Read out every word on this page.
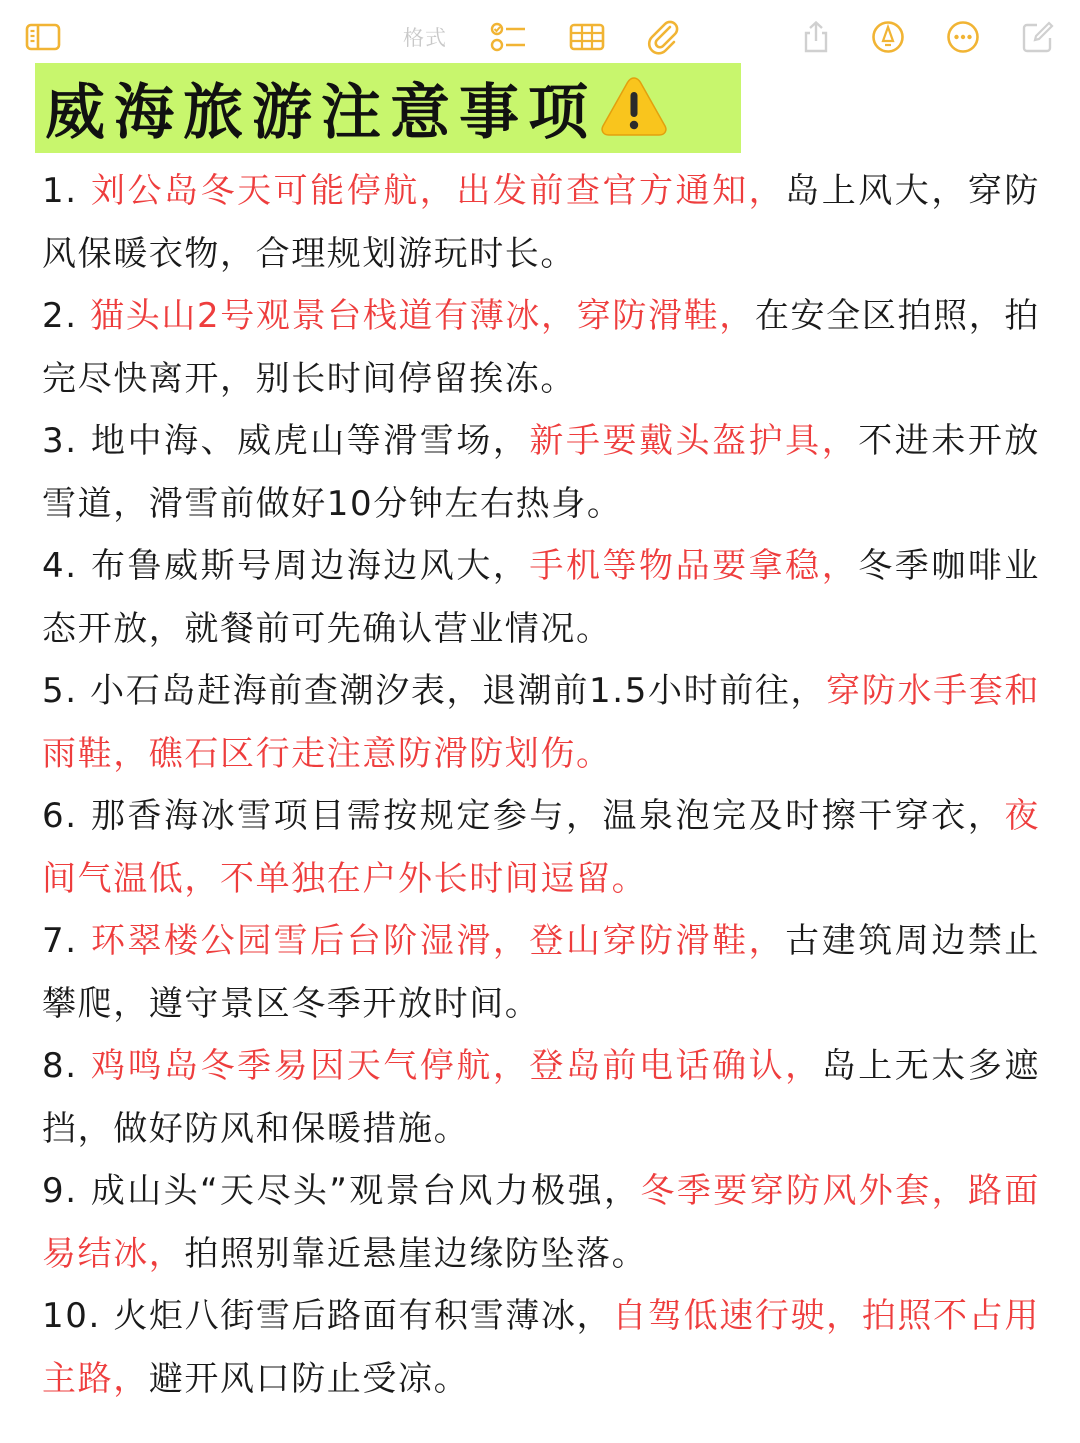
格式
威海旅游注意事项

1. 刘公岛冬天可能停航，出发前查官方通知，岛上风大，穿防风保暖衣物，合理规划游玩时长。

2. 猫头山2号观景台栈道有薄冰，穿防滑鞋，在安全区拍照，拍完尽快离开，别长时间停留挨冻。

3. 地中海、威虎山等滑雪场，新手要戴头盔护具，不进未开放雪道，滑雪前做好10分钟左右热身。

4. 布鲁威斯号周边海边风大，手机等物品要拿稳，冬季咖啡业态开放，就餐前可先确认营业情况。

5. 小石岛赶海前查潮汐表，退潮前1.5小时前往，穿防水手套和雨鞋，礁石区行走注意防滑防划伤。

6. 那香海冰雪项目需按规定参与，温泉泡完及时擦干穿衣，夜间气温低，不单独在户外长时间逗留。

7. 环翠楼公园雪后台阶湿滑，登山穿防滑鞋，古建筑周边禁止攀爬，遵守景区冬季开放时间。

8. 鸡鸣岛冬季易因天气停航，登岛前电话确认，岛上无太多遮挡，做好防风和保暖措施。

9. 成山头“天尽头”观景台风力极强，冬季要穿防风外套，路面易结冰，拍照别靠近悬崖边缘防坠落。

10. 火炬八街雪后路面有积雪薄冰，自驾低速行驶，拍照不占用主路，避开风口防止受凉。
